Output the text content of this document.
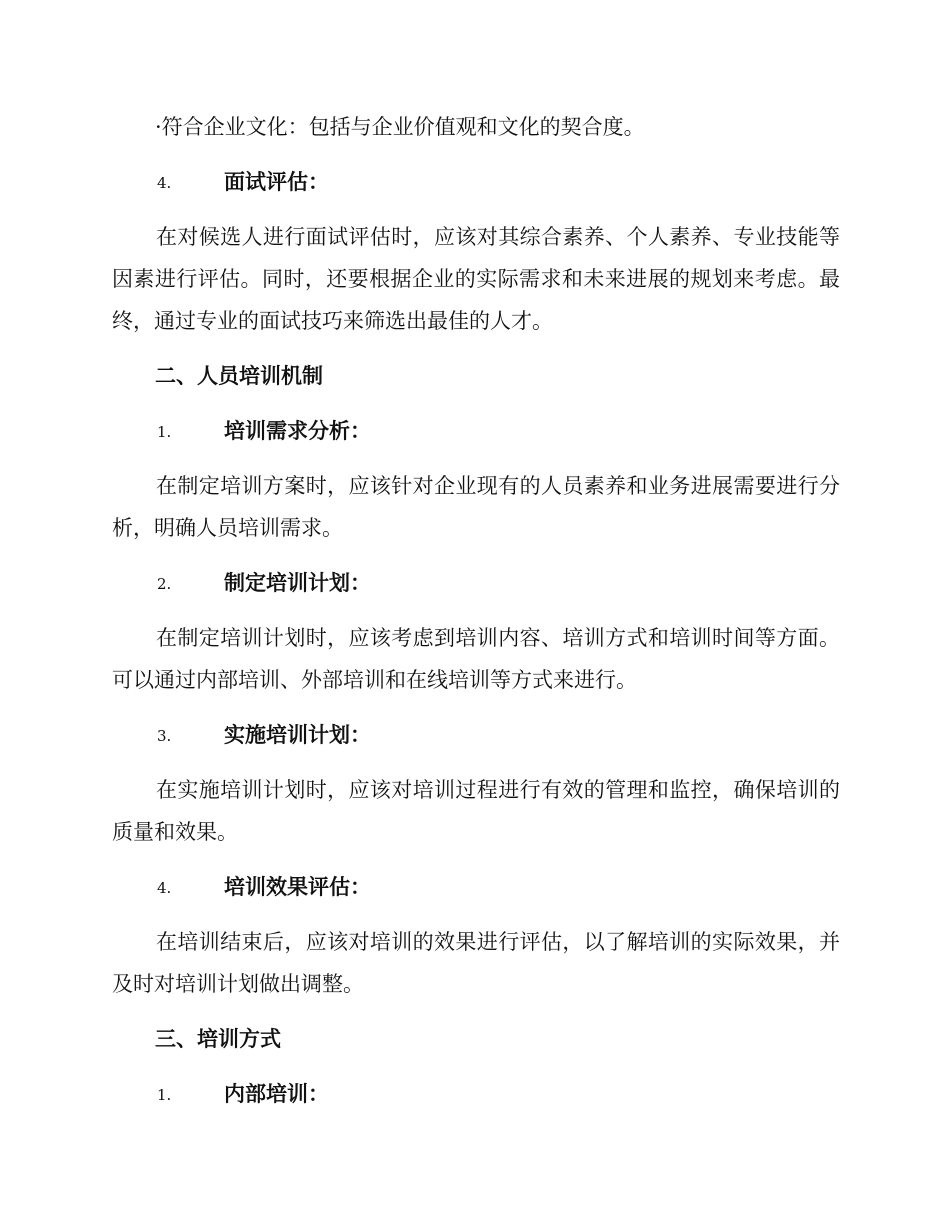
·符合企业文化：包括与企业价值观和文化的契合度。
4.	面试评估：
在对候选人进行面试评估时，应该对其综合素养、个人素养、专业技能等因素进行评估。同时，还要根据企业的实际需求和未来进展的规划来考虑。最终，通过专业的面试技巧来筛选出最佳的人才。
二、人员培训机制
1.	培训需求分析：
在制定培训方案时，应该针对企业现有的人员素养和业务进展需要进行分析，明确人员培训需求。
2.	制定培训计划：
在制定培训计划时，应该考虑到培训内容、培训方式和培训时间等方面。可以通过内部培训、外部培训和在线培训等方式来进行。
3.	实施培训计划：
在实施培训计划时，应该对培训过程进行有效的管理和监控，确保培训的质量和效果。
4.	培训效果评估：
在培训结束后，应该对培训的效果进行评估，以了解培训的实际效果，并及时对培训计划做出调整。
三、培训方式
1.	内部培训：
